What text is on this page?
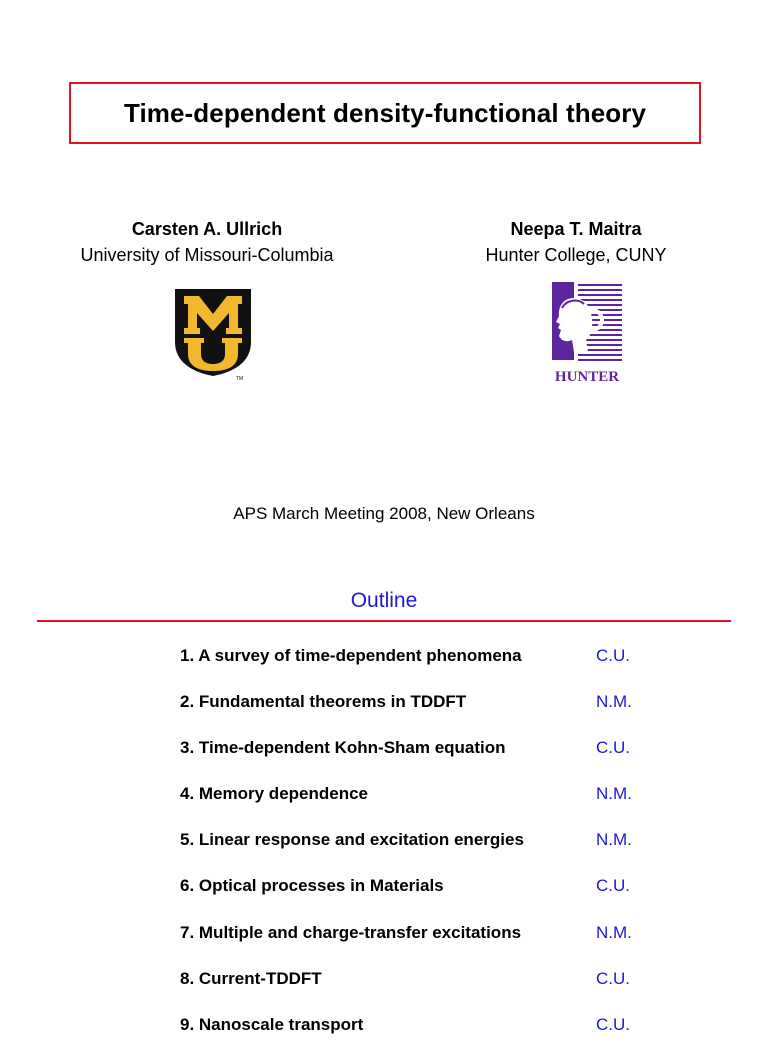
Time-dependent density-functional theory
Carsten A. Ullrich
University of Missouri-Columbia
Neepa T. Maitra
Hunter College, CUNY
TM	HUNTER
APS March Meeting 2008, New Orleans
Outline
1. A survey of time-dependent phenomena	C.U.
2. Fundamental theorems in TDDFT	N.M.
3. Time-dependent Kohn-Sham equation	C.U.
4. Memory dependence	N.M.
5. Linear response and excitation energies	N.M.
6. Optical processes in Materials	C.U.
7. Multiple and charge-transfer excitations	N.M.
8. Current-TDDFT	C.U.
9. Nanoscale transport	C.U.
